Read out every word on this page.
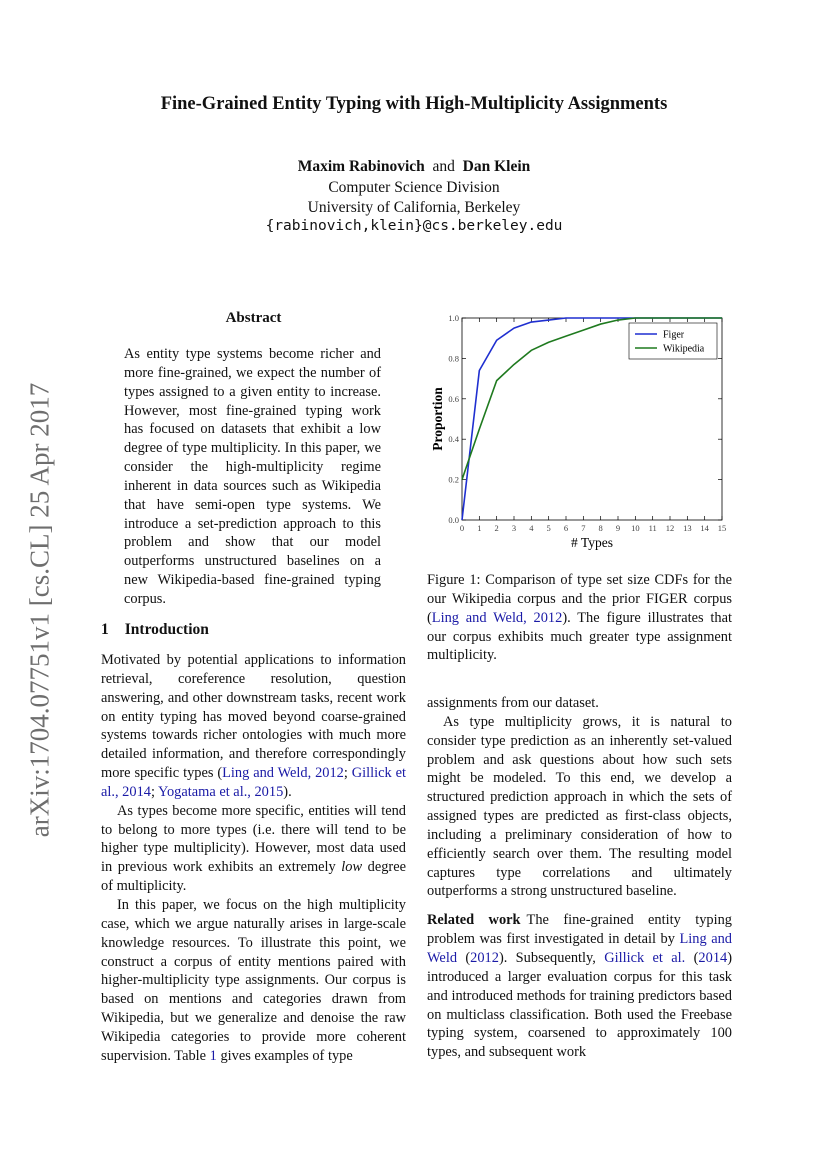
Fine-Grained Entity Typing with High-Multiplicity Assignments
Maxim Rabinovich and Dan Klein
Computer Science Division
University of California, Berkeley
{rabinovich,klein}@cs.berkeley.edu
arXiv:1704.07751v1 [cs.CL] 25 Apr 2017
Abstract

As entity type systems become richer and more fine-grained, we expect the number of types assigned to a given entity to increase. However, most fine-grained typing work has focused on datasets that exhibit a low degree of type multiplicity. In this paper, we consider the high-multiplicity regime inherent in data sources such as Wikipedia that have semi-open type systems. We introduce a set-prediction approach to this problem and show that our model outperforms unstructured baselines on a new Wikipedia-based fine-grained typing corpus.

1 Introduction

Motivated by potential applications to information retrieval, coreference resolution, question answering, and other downstream tasks, recent work on entity typing has moved beyond coarse-grained systems towards richer ontologies with much more detailed information, and therefore correspondingly more specific types (Ling and Weld, 2012; Gillick et al., 2014; Yogatama et al., 2015).

As types become more specific, entities will tend to belong to more types (i.e. there will tend to be higher type multiplicity). However, most data used in previous work exhibits an extremely low degree of multiplicity.

In this paper, we focus on the high multiplicity case, which we argue naturally arises in large-scale knowledge resources. To illustrate this point, we construct a corpus of entity mentions paired with higher-multiplicity type assignments. Our corpus is based on mentions and categories drawn from Wikipedia, but we generalize and denoise the raw Wikipedia categories to provide more coherent supervision. Table 1 gives examples of type

0 1 2 3 4 5 6 7 8 9 10 11 12 13 14 15
0.0
0.2
0.4
0.6
0.8
1.0
# Types
Proportion
Figer
Wikipedia

Figure 1: Comparison of type set size CDFs for the our Wikipedia corpus and the prior FIGER corpus (Ling and Weld, 2012). The figure illustrates that our corpus exhibits much greater type assignment multiplicity.

assignments from our dataset.

As type multiplicity grows, it is natural to consider type prediction as an inherently set-valued problem and ask questions about how such sets might be modeled. To this end, we develop a structured prediction approach in which the sets of assigned types are predicted as first-class objects, including a preliminary consideration of how to efficiently search over them. The resulting model captures type correlations and ultimately outperforms a strong unstructured baseline.

Related work The fine-grained entity typing problem was first investigated in detail by Ling and Weld (2012). Subsequently, Gillick et al. (2014) introduced a larger evaluation corpus for this task and introduced methods for training predictors based on multiclass classification. Both used the Freebase typing system, coarsened to approximately 100 types, and subsequent work
